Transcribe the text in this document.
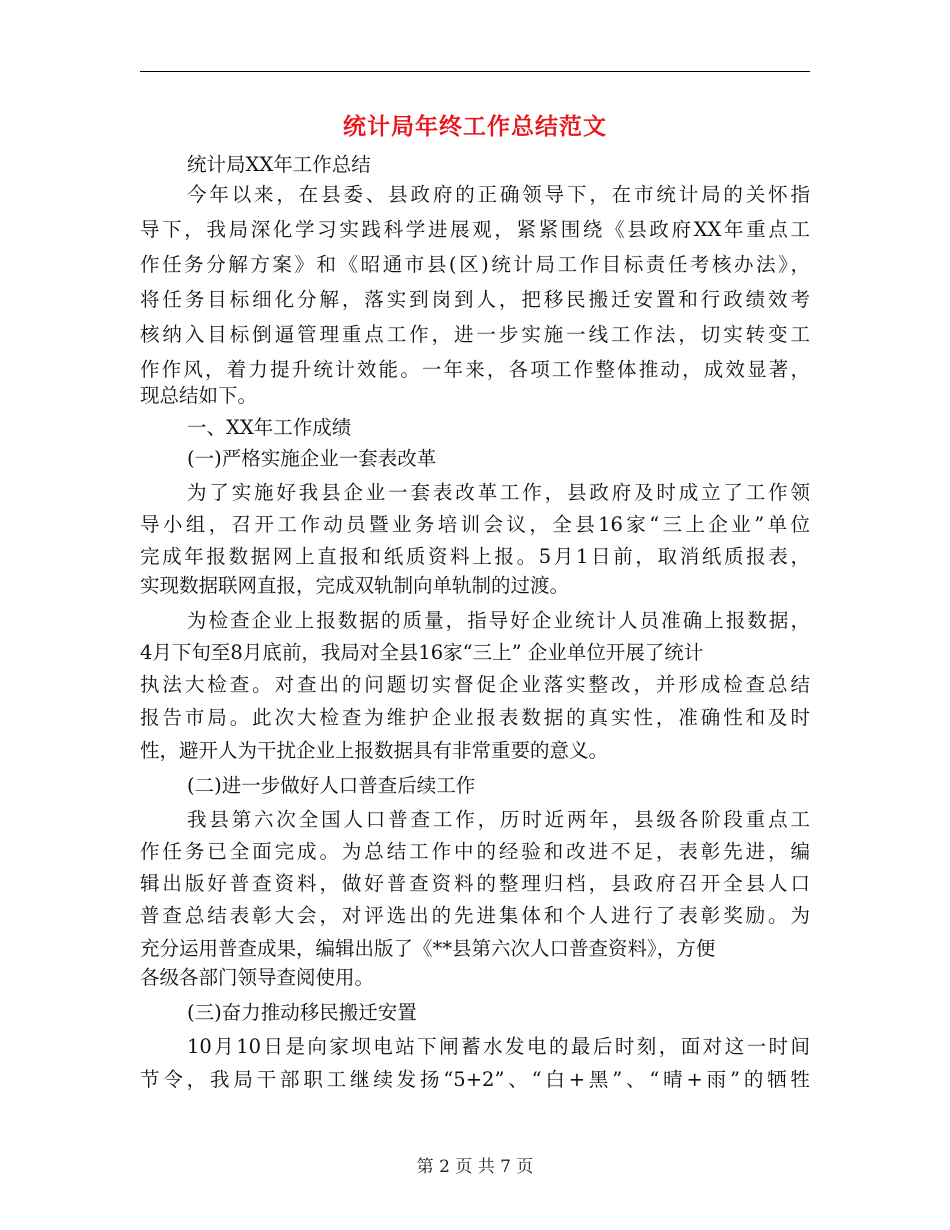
统计局年终工作总结范文
统计局XX年工作总结
今年以来，在县委、县政府的正确领导下，在市统计局的关怀指
导下，我局深化学习实践科学进展观，紧紧围绕《县政府XX年重点工
作任务分解方案》和《昭通市县(区)统计局工作目标责任考核办法》，
将任务目标细化分解，落实到岗到人，把移民搬迁安置和行政绩效考
核纳入目标倒逼管理重点工作，进一步实施一线工作法，切实转变工
作作风，着力提升统计效能。一年来，各项工作整体推动，成效显著，
现总结如下。
一、XX年工作成绩
(一)严格实施企业一套表改革
为了实施好我县企业一套表改革工作，县政府及时成立了工作领
导小组，召开工作动员暨业务培训会议，全县16家“三上企业”单位
完成年报数据网上直报和纸质资料上报。5月1日前，取消纸质报表，
实现数据联网直报，完成双轨制向单轨制的过渡。
为检查企业上报数据的质量，指导好企业统计人员准确上报数据，
4月下旬至8月底前，我局对全县16家“三上” 企业单位开展了统计
执法大检查。对查出的问题切实督促企业落实整改，并形成检查总结
报告市局。此次大检查为维护企业报表数据的真实性，准确性和及时
性，避开人为干扰企业上报数据具有非常重要的意义。
(二)进一步做好人口普查后续工作
我县第六次全国人口普查工作，历时近两年，县级各阶段重点工
作任务已全面完成。为总结工作中的经验和改进不足，表彰先进，编
辑出版好普查资料，做好普查资料的整理归档，县政府召开全县人口
普查总结表彰大会，对评选出的先进集体和个人进行了表彰奖励。为
充分运用普查成果，编辑出版了《**县第六次人口普查资料》，方便
各级各部门领导查阅使用。
(三)奋力推动移民搬迁安置
10月10日是向家坝电站下闸蓄水发电的最后时刻，面对这一时间
节令，我局干部职工继续发扬“5+2”、“白+黑”、“晴+雨”的牺牲
第 2 页 共 7 页
